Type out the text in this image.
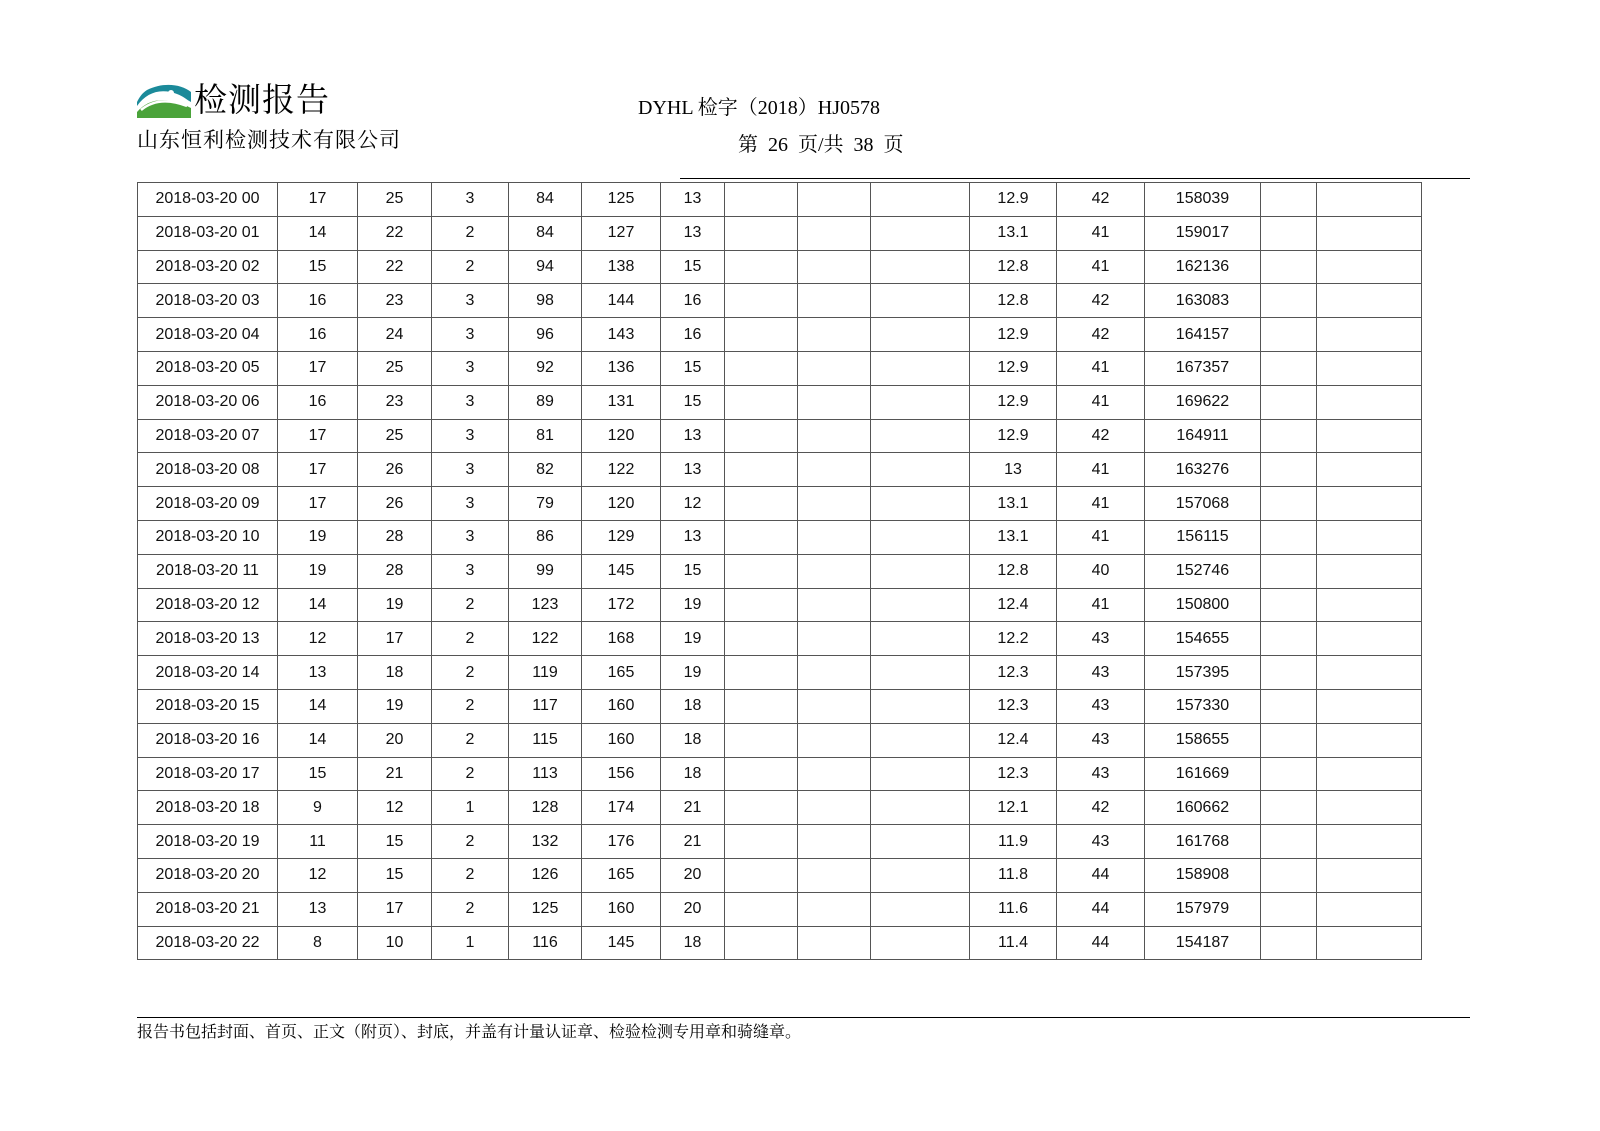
检测报告
山东恒利检测技术有限公司
DYHL 检字（2018）HJ0578
第  26  页/共  38  页
2018-03-20 00	17	25	3	84	125	13				12.9	42	158039		
2018-03-20 01	14	22	2	84	127	13				13.1	41	159017		
2018-03-20 02	15	22	2	94	138	15				12.8	41	162136		
2018-03-20 03	16	23	3	98	144	16				12.8	42	163083		
2018-03-20 04	16	24	3	96	143	16				12.9	42	164157		
2018-03-20 05	17	25	3	92	136	15				12.9	41	167357		
2018-03-20 06	16	23	3	89	131	15				12.9	41	169622		
2018-03-20 07	17	25	3	81	120	13				12.9	42	164911		
2018-03-20 08	17	26	3	82	122	13				13	41	163276		
2018-03-20 09	17	26	3	79	120	12				13.1	41	157068		
2018-03-20 10	19	28	3	86	129	13				13.1	41	156115		
2018-03-20 11	19	28	3	99	145	15				12.8	40	152746		
2018-03-20 12	14	19	2	123	172	19				12.4	41	150800		
2018-03-20 13	12	17	2	122	168	19				12.2	43	154655		
2018-03-20 14	13	18	2	119	165	19				12.3	43	157395		
2018-03-20 15	14	19	2	117	160	18				12.3	43	157330		
2018-03-20 16	14	20	2	115	160	18				12.4	43	158655		
2018-03-20 17	15	21	2	113	156	18				12.3	43	161669		
2018-03-20 18	9	12	1	128	174	21				12.1	42	160662		
2018-03-20 19	11	15	2	132	176	21				11.9	43	161768		
2018-03-20 20	12	15	2	126	165	20				11.8	44	158908		
2018-03-20 21	13	17	2	125	160	20				11.6	44	157979		
2018-03-20 22	8	10	1	116	145	18				11.4	44	154187		
报告书包括封面、首页、正文（附页）、封底，并盖有计量认证章、检验检测专用章和骑缝章。
